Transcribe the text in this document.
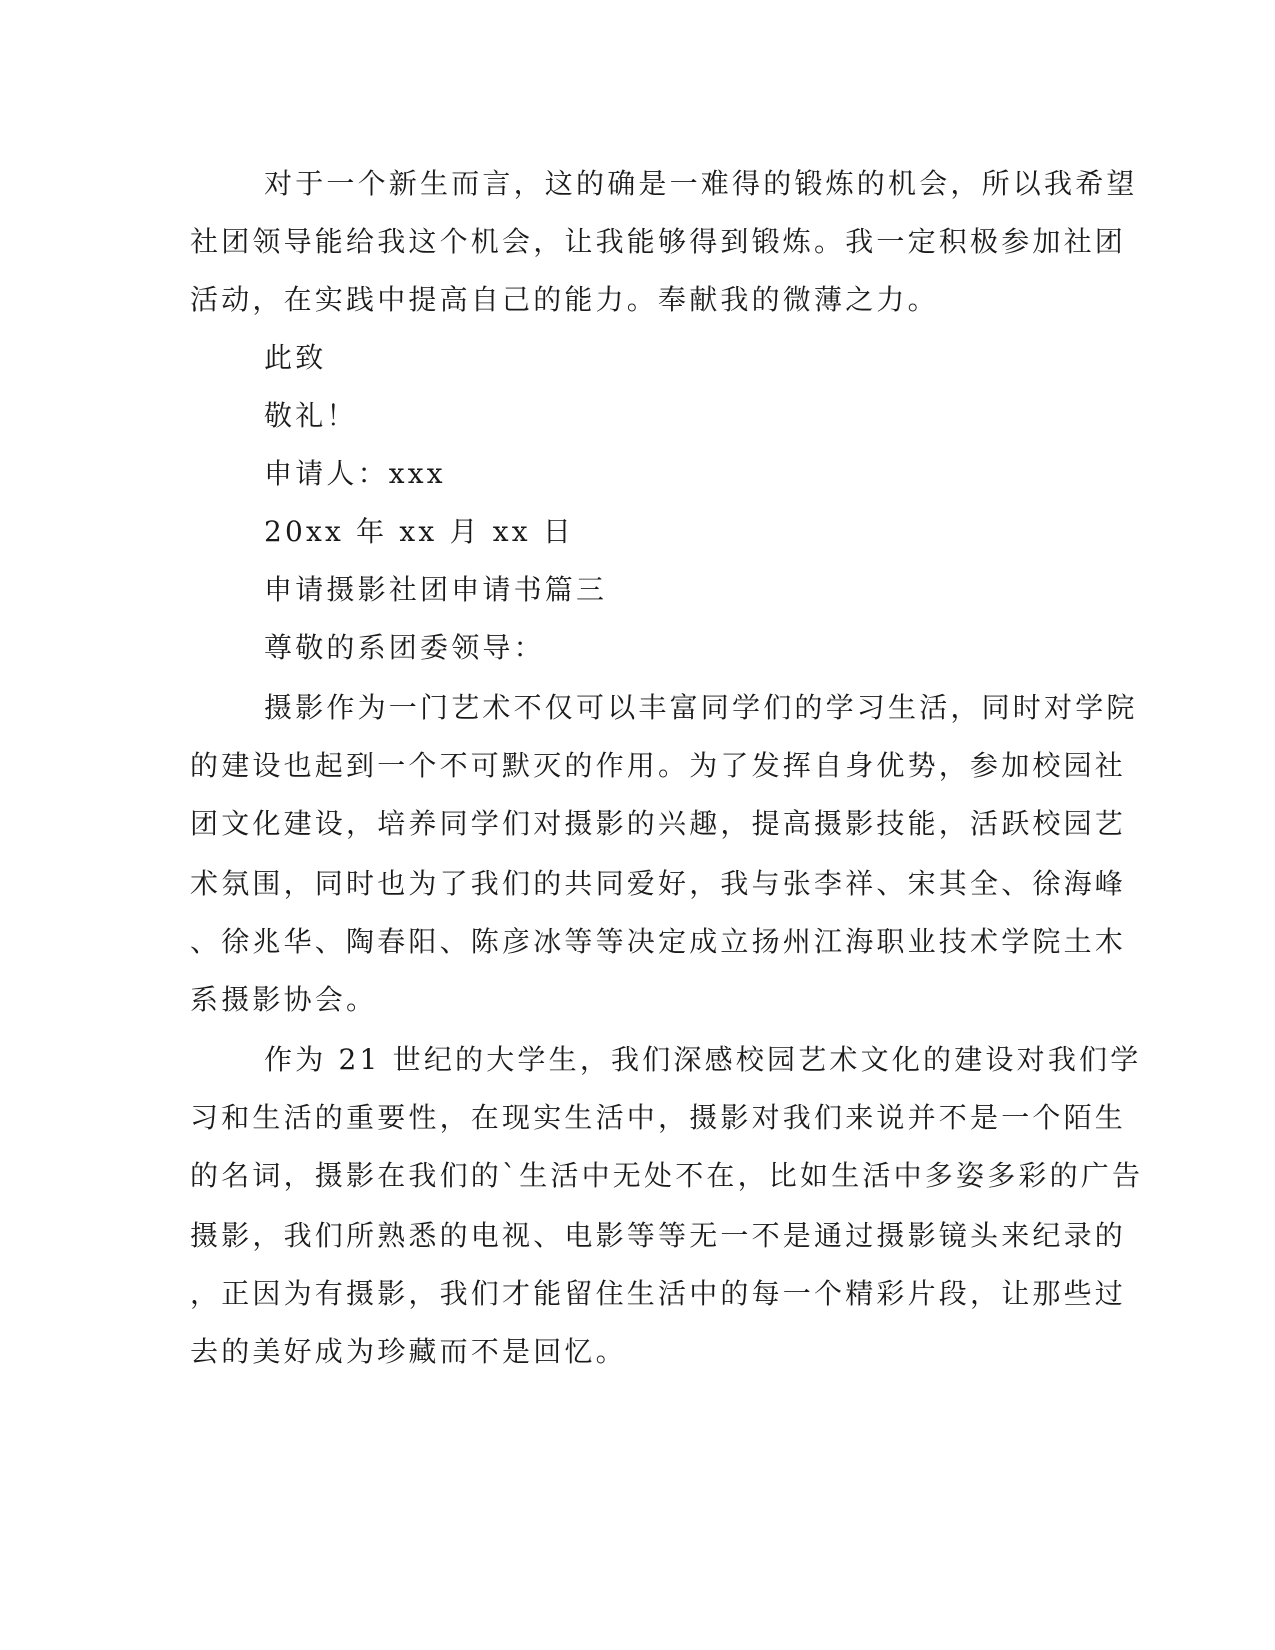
对于一个新生而言，这的确是一难得的锻炼的机会，所以我希望
社团领导能给我这个机会，让我能够得到锻炼。我一定积极参加社团
活动，在实践中提高自己的能力。奉献我的微薄之力。
此致
敬礼！
申请人：xxx
20xx 年 xx 月 xx 日
申请摄影社团申请书篇三
尊敬的系团委领导：
摄影作为一门艺术不仅可以丰富同学们的学习生活，同时对学院
的建设也起到一个不可默灭的作用。为了发挥自身优势，参加校园社
团文化建设，培养同学们对摄影的兴趣，提高摄影技能，活跃校园艺
术氛围，同时也为了我们的共同爱好，我与张李祥、宋其全、徐海峰
、徐兆华、陶春阳、陈彦冰等等决定成立扬州江海职业技术学院土木
系摄影协会。
作为 21 世纪的大学生，我们深感校园艺术文化的建设对我们学
习和生活的重要性，在现实生活中，摄影对我们来说并不是一个陌生
的名词，摄影在我们的`生活中无处不在，比如生活中多姿多彩的广告
摄影，我们所熟悉的电视、电影等等无一不是通过摄影镜头来纪录的
，正因为有摄影，我们才能留住生活中的每一个精彩片段，让那些过
去的美好成为珍藏而不是回忆。
